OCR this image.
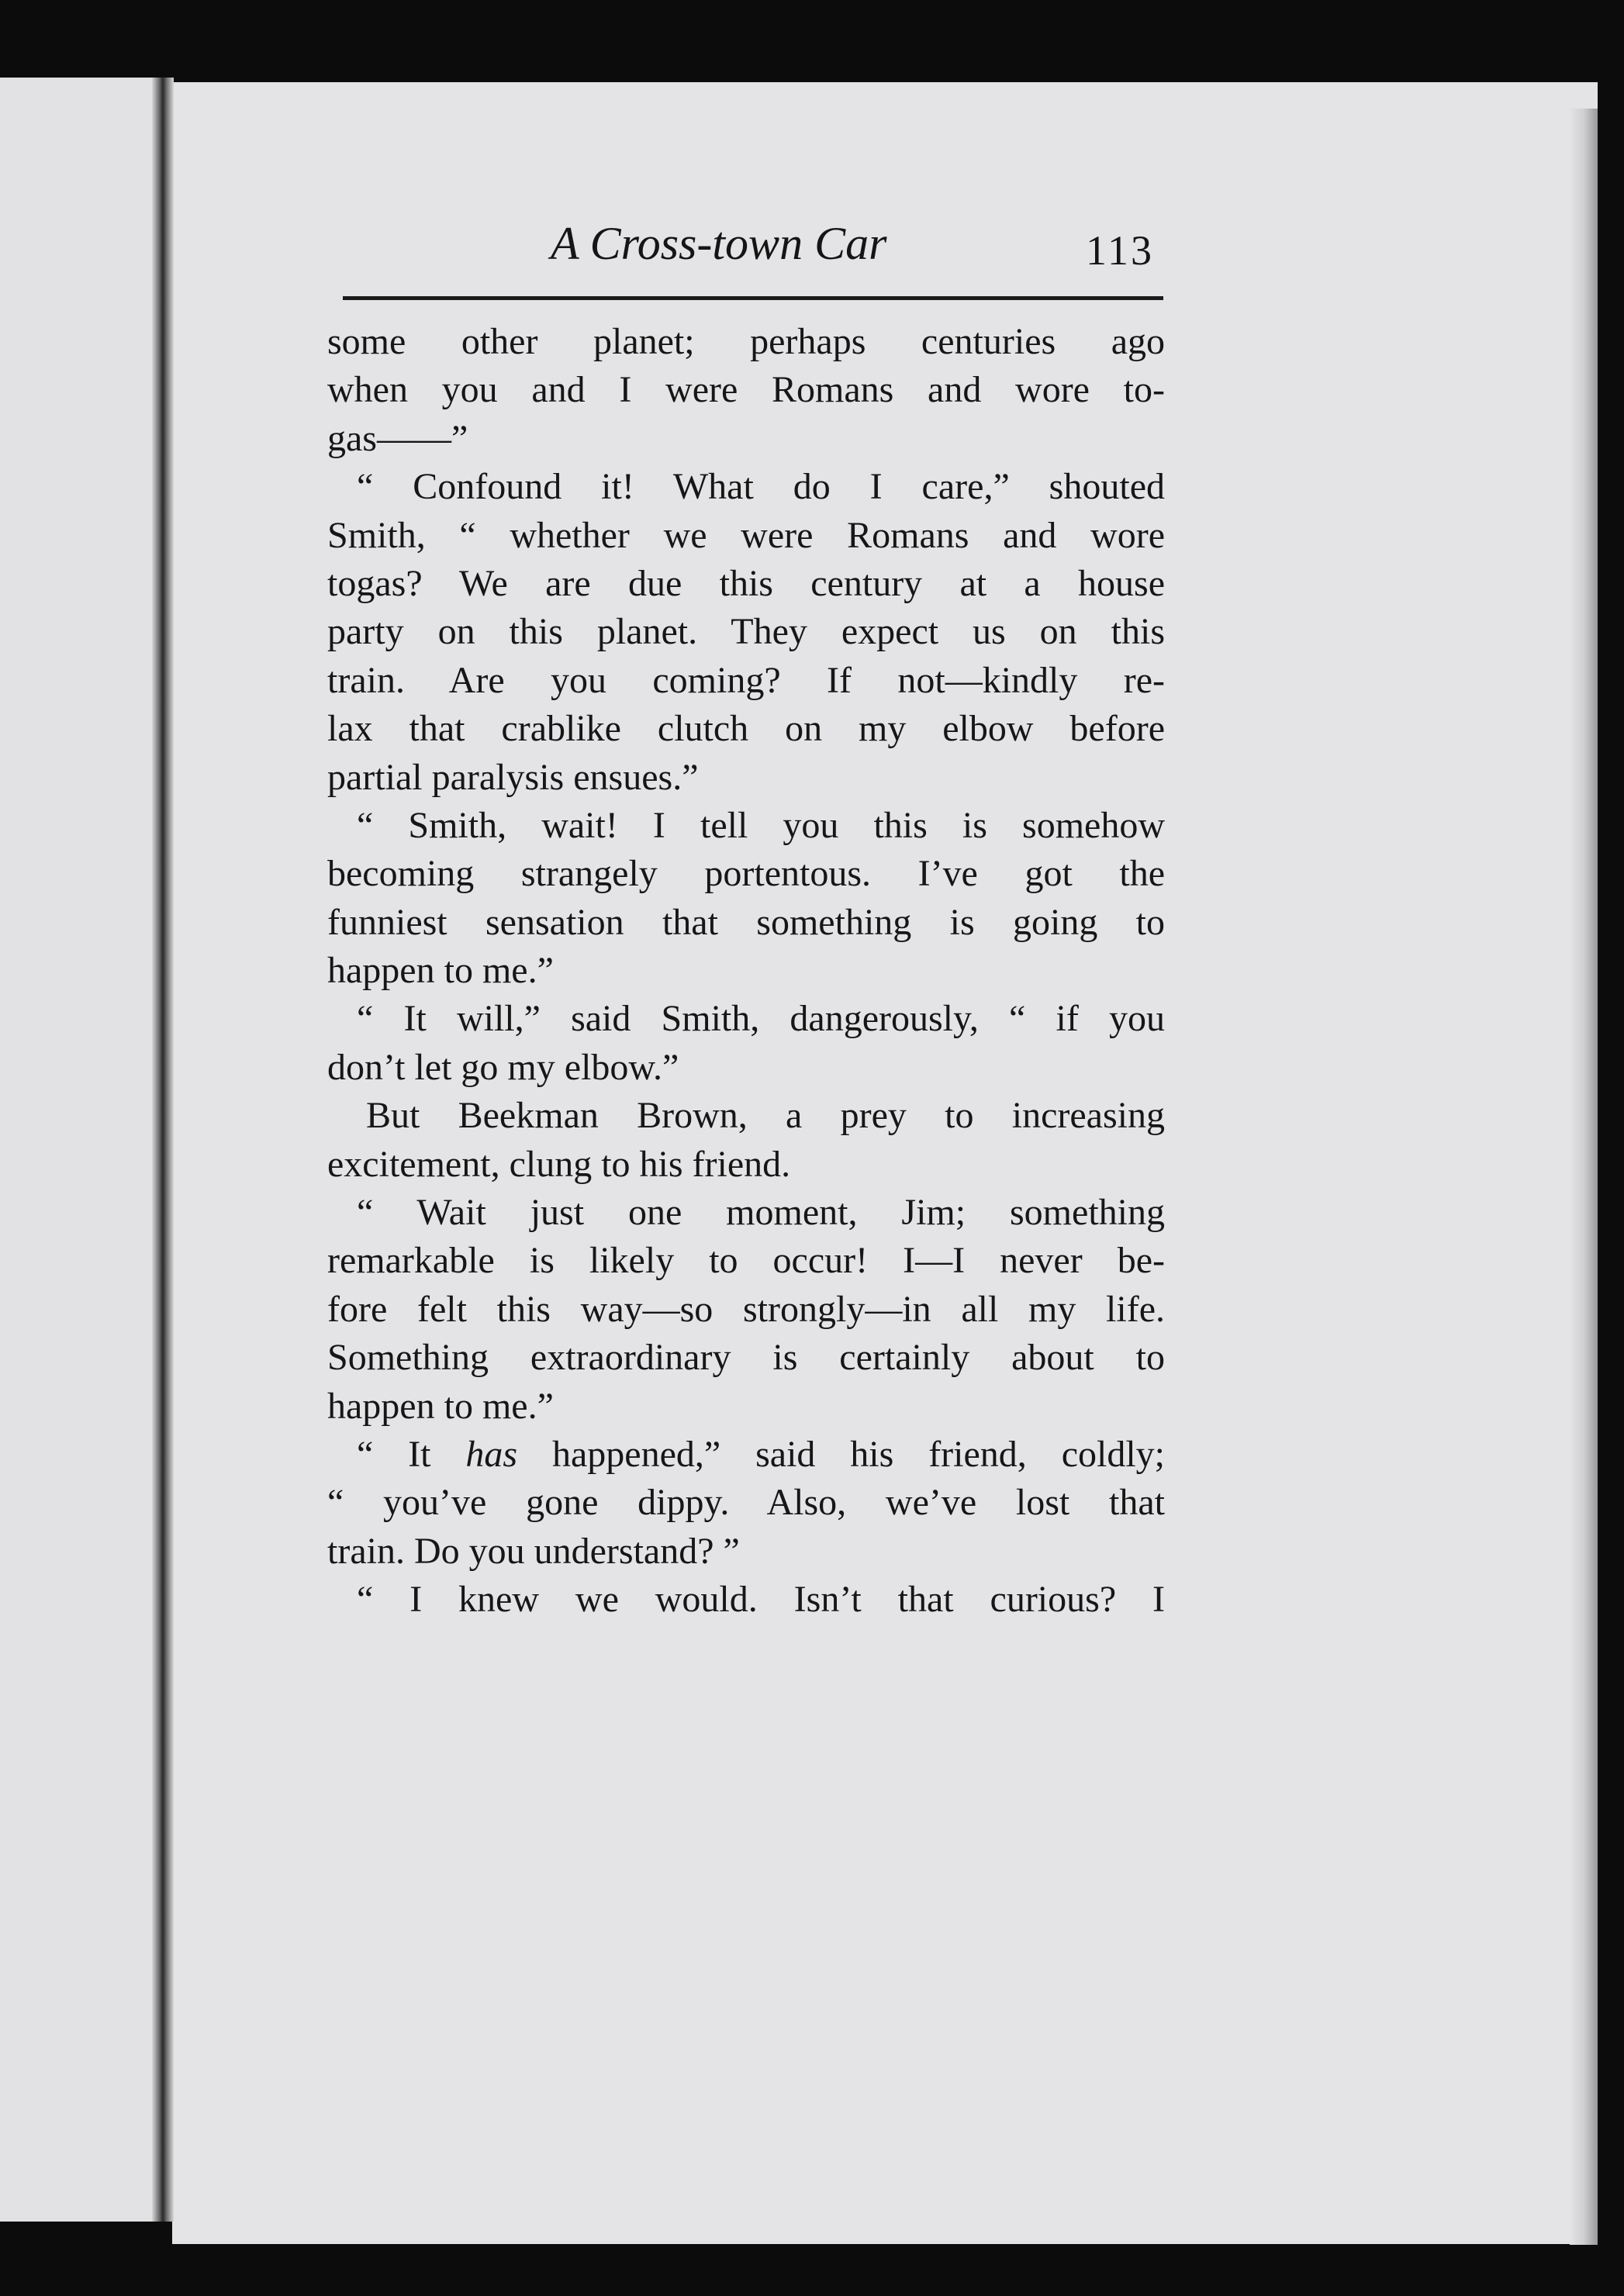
A Cross-town Car	113
some other planet; perhaps centuries ago
when you and I were Romans and wore to-
gas——”
“ Confound it! What do I care,” shouted
Smith, “ whether we were Romans and wore
togas? We are due this century at a house
party on this planet. They expect us on this
train. Are you coming? If not—kindly re-
lax that crablike clutch on my elbow before
partial paralysis ensues.”
“ Smith, wait! I tell you this is somehow
becoming strangely portentous. I’ve got the
funniest sensation that something is going to
happen to me.”
“ It will,” said Smith, dangerously, “ if you
don’t let go my elbow.”
But Beekman Brown, a prey to increasing
excitement, clung to his friend.
“ Wait just one moment, Jim; something
remarkable is likely to occur! I—I never be-
fore felt this way—so strongly—in all my life.
Something extraordinary is certainly about to
happen to me.”
“ It has happened,” said his friend, coldly;
“ you’ve gone dippy. Also, we’ve lost that
train. Do you understand? ”
“ I knew we would. Isn’t that curious? I
